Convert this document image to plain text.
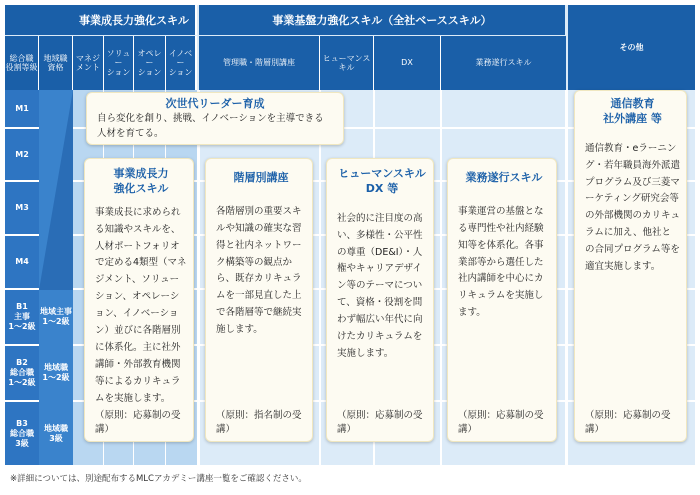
事業成長力強化スキル	事業基盤力強化スキル（全社ベーススキル）
その他
総合職
役割等級
地域職
資格
マネジ
メント
ソリュー
ション
オペレー
ション
イノベー
ション
管理職・階層別講座
ヒューマンスキル
DX	業務遂行スキル
M1
M2
M3
M4
B1
主事
1～2級
B2
総合職
1～2級
B3
総合職
3級
地域主事
1～2級
地域職
1～2級
地域職
3級
次世代リーダー育成
自ら変化を創り、挑戦、イノベーションを主導できる人材を育てる。
事業成長力
強化スキル
事業成長に求められる知識やスキルを、人材ポートフォリオで定める4類型（マネジメント、ソリューション、オペレーション、イノベーション）並びに各階層別に体系化。主に社外講師・外部教育機関等によるカリキュラムを実施します。
（原則：応募制の受講）
階層別講座
各階層別の重要スキルや知識の確実な習得と社内ネットワーク構築等の観点から、既存カリキュラムを一部見直した上で各階層等で継続実施します。
（原則：指名制の受講）
ヒューマンスキル
DX 等
社会的に注目度の高い、多様性・公平性の尊重（DE&I）・人権やキャリアデザイン等のテーマについて、資格・役割を問わず幅広い年代に向けたカリキュラムを実施します。
（原則：応募制の受講）
業務遂行スキル
事業運営の基盤となる専門性や社内経験知等を体系化。各事業部等から選任した社内講師を中心にカリキュラムを実施します。
（原則：応募制の受講）
通信教育
社外講座 等
通信教育・eラーニング・若年職員海外派遣プログラム及び三菱マーケティング研究会等の外部機関のカリキュラムに加え、他社との合同プログラム等を適宜実施します。
（原則：応募制の受講）
※詳細については、別途配布するMLCアカデミー講座一覧をご確認ください。
